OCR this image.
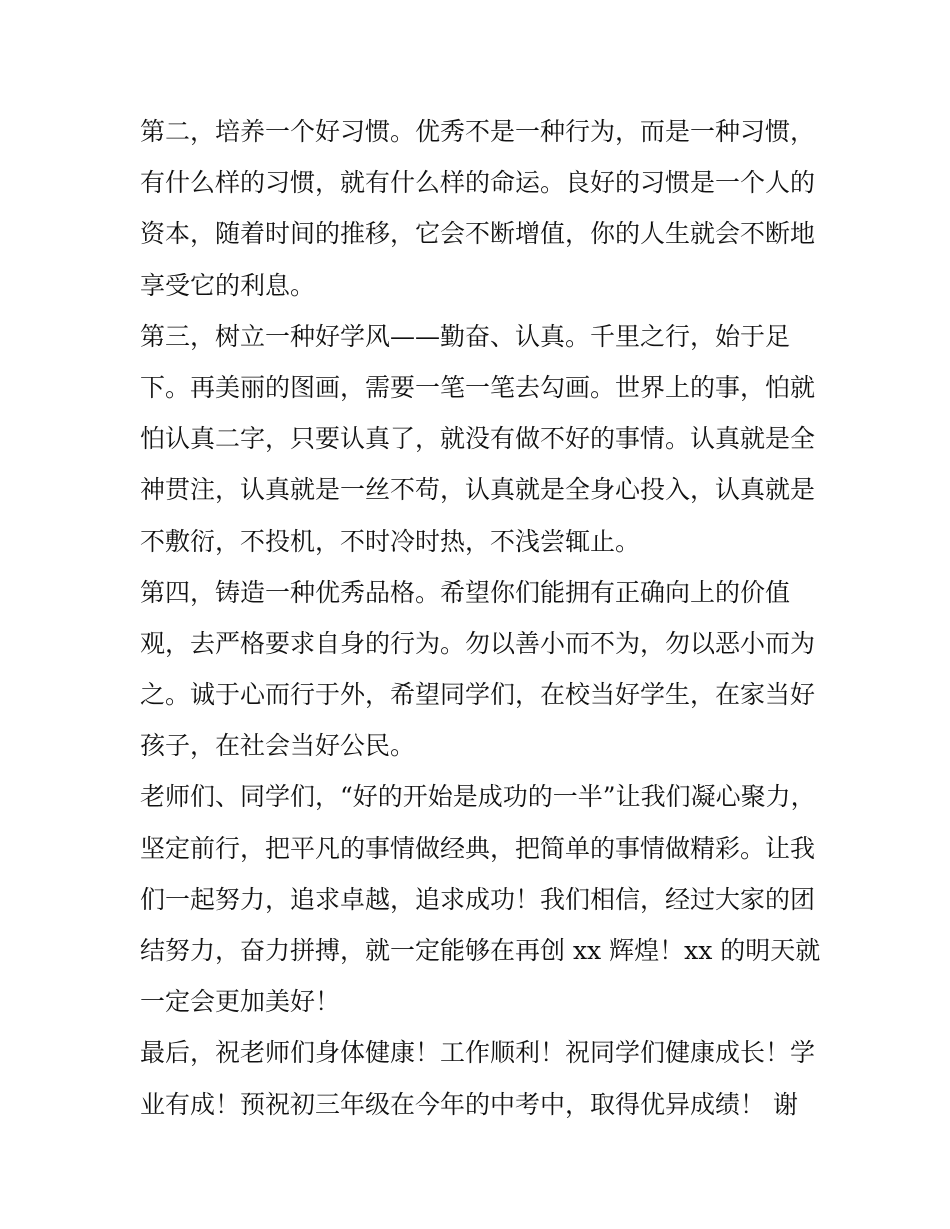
第二，培养一个好习惯。优秀不是一种行为，而是一种习惯，
有什么样的习惯，就有什么样的命运。良好的习惯是一个人的
资本，随着时间的推移，它会不断增值，你的人生就会不断地
享受它的利息。
第三，树立一种好学风——勤奋、认真。千里之行，始于足
下。再美丽的图画，需要一笔一笔去勾画。世界上的事，怕就
怕认真二字，只要认真了，就没有做不好的事情。认真就是全
神贯注，认真就是一丝不苟，认真就是全身心投入，认真就是
不敷衍，不投机，不时冷时热，不浅尝辄止。
第四，铸造一种优秀品格。希望你们能拥有正确向上的价值
观，去严格要求自身的行为。勿以善小而不为，勿以恶小而为
之。诚于心而行于外，希望同学们，在校当好学生，在家当好
孩子，在社会当好公民。
老师们、同学们，“好的开始是成功的一半”让我们凝心聚力，
坚定前行，把平凡的事情做经典，把简单的事情做精彩。让我
们一起努力，追求卓越，追求成功！我们相信，经过大家的团
结努力，奋力拼搏，就一定能够在再创 xx 辉煌！xx 的明天就
一定会更加美好！
最后，祝老师们身体健康！工作顺利！祝同学们健康成长！学
业有成！预祝初三年级在今年的中考中，取得优异成绩！ 谢
